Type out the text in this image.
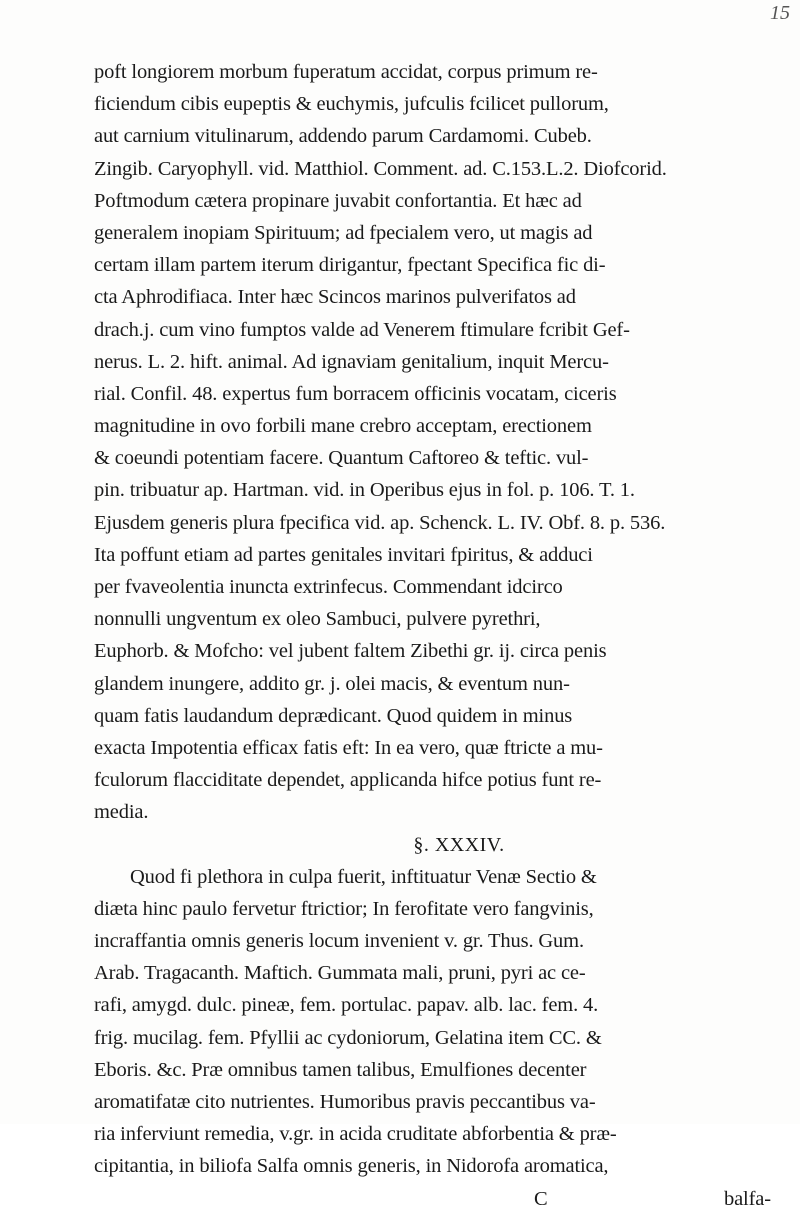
15
poft longiorem morbum fuperatum accidat, corpus primum re-
ficiendum cibis eupeptis & euchymis, jufculis fcilicet pullorum,
aut carnium vitulinarum, addendo parum Cardamomi. Cubeb.
Zingib. Caryophyll. vid. Matthiol. Comment. ad. C.153.L.2. Diofcorid.
Poftmodum cætera propinare juvabit confortantia. Et hæc ad
generalem inopiam Spirituum; ad fpecialem vero, ut magis ad
certam illam partem iterum dirigantur, fpectant Specifica fic di-
cta Aphrodifiaca. Inter hæc Scincos marinos pulverifatos ad
drach.j. cum vino fumptos valde ad Venerem ftimulare fcribit Gef-
nerus. L. 2. hift. animal. Ad ignaviam genitalium, inquit Mercu-
rial. Confil. 48. expertus fum borracem officinis vocatam, ciceris
magnitudine in ovo forbili mane crebro acceptam, erectionem
& coeundi potentiam facere. Quantum Caftoreo & teftic. vul-
pin. tribuatur ap. Hartman. vid. in Operibus ejus in fol. p. 106. T. 1.
Ejusdem generis plura fpecifica vid. ap. Schenck. L. IV. Obf. 8. p. 536.
Ita poffunt etiam ad partes genitales invitari fpiritus, & adduci
per fvaveolentia inuncta extrinfecus. Commendant idcirco
nonnulli ungventum ex oleo Sambuci, pulvere pyrethri,
Euphorb. & Mofcho: vel jubent faltem Zibethi gr. ij. circa penis
glandem inungere, addito gr. j. olei macis, & eventum nun-
quam fatis laudandum deprædicant. Quod quidem in minus
exacta Impotentia efficax fatis eft: In ea vero, quæ ftricte a mu-
fculorum flacciditate dependet, applicanda hifce potius funt re-
media.
§. XXXIV.
Quod fi plethora in culpa fuerit, inftituatur Venæ Sectio &
diæta hinc paulo fervetur ftrictior; In ferofitate vero fangvinis,
incraffantia omnis generis locum invenient v. gr. Thus. Gum.
Arab. Tragacanth. Maftich. Gummata mali, pruni, pyri ac ce-
rafi, amygd. dulc. pineæ, fem. portulac. papav. alb. lac. fem. 4.
frig. mucilag. fem. Pfyllii ac cydoniorum, Gelatina item CC. &
Eboris. &c. Præ omnibus tamen talibus, Emulfiones decenter
aromatifatæ cito nutrientes. Humoribus pravis peccantibus va-
ria inferviunt remedia, v.gr. in acida cruditate abforbentia & præ-
cipitantia, in biliofa Salfa omnis generis, in Nidorofa aromatica,
C	balfa-
